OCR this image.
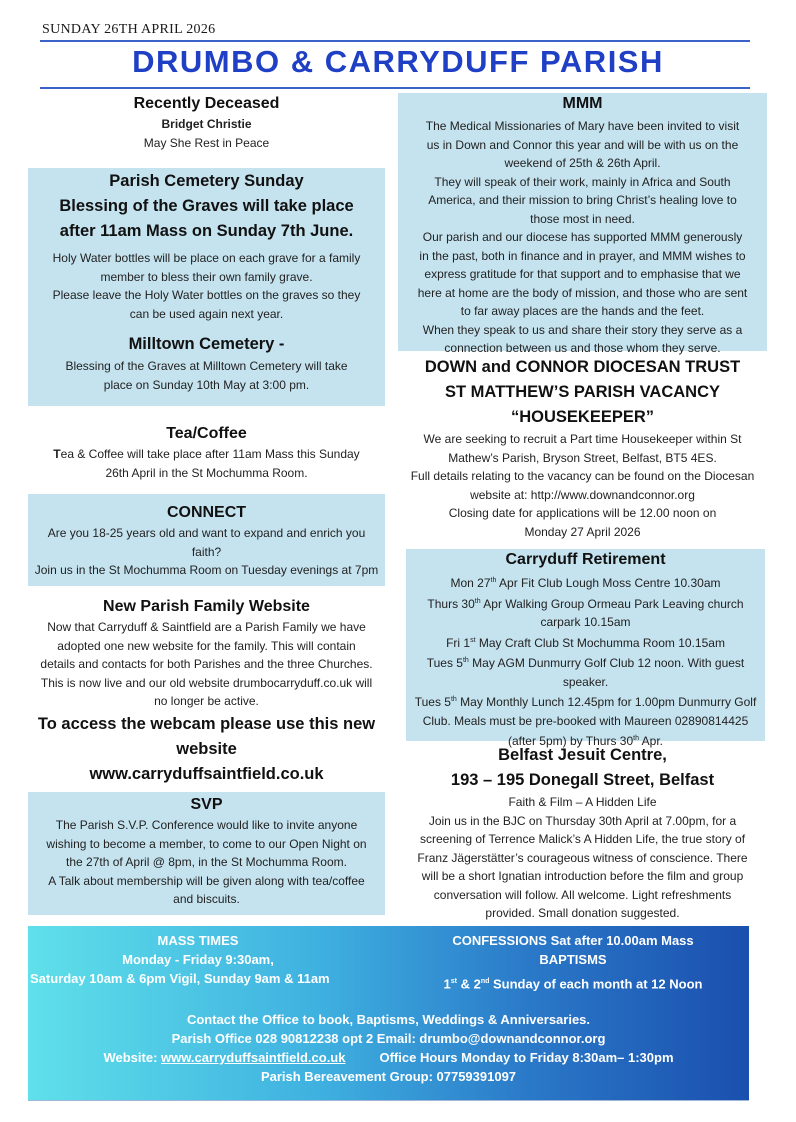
SUNDAY 26TH APRIL 2026
DRUMBO & CARRYDUFF PARISH
Recently Deceased
Bridget Christie
May She Rest in Peace
Parish Cemetery Sunday
Blessing of the Graves will take place
after 11am Mass on Sunday 7th June.
Holy Water bottles will be place on each grave for a family
member to bless their own family grave.
Please leave the Holy Water bottles on the graves so they
can be used again next year.
Milltown Cemetery -
Blessing of the Graves at Milltown Cemetery will take
place on Sunday 10th May at 3:00 pm.
Tea/Coffee
Tea & Coffee will take place after 11am Mass this Sunday
26th April in the St Mochumma Room.
CONNECT
Are you 18-25 years old and want to expand and enrich you
faith?
Join us in the St Mochumma Room on Tuesday evenings at 7pm
New Parish Family Website
Now that Carryduff & Saintfield are a Parish Family we have
adopted one new website for the family. This will contain
details and contacts for both Parishes and the three Churches.
This is now live and our old website drumbocarryduff.co.uk will
no longer be active.
To access the webcam please use this new
website
www.carryduffsaintfield.co.uk
SVP
The Parish S.V.P. Conference would like to invite anyone
wishing to become a member, to come to our Open Night on
the 27th of April @ 8pm, in the St Mochumma Room.
A Talk about membership will be given along with tea/coffee
and biscuits.
MMM
The Medical Missionaries of Mary have been invited to visit
us in Down and Connor this year and will be with us on the
weekend of 25th & 26th April.
They will speak of their work, mainly in Africa and South
America, and their mission to bring Christ’s healing love to
those most in need.
Our parish and our diocese has supported MMM generously
in the past, both in finance and in prayer, and MMM wishes to
express gratitude for that support and to emphasise that we
here at home are the body of mission, and those who are sent
to far away places are the hands and the feet.
When they speak to us and share their story they serve as a
connection between us and those whom they serve.
DOWN and CONNOR DIOCESAN TRUST
ST MATTHEW’S PARISH VACANCY
“HOUSEKEEPER”
We are seeking to recruit a Part time Housekeeper within St
Mathew’s Parish, Bryson Street, Belfast, BT5 4ES.
Full details relating to the vacancy can be found on the Diocesan
website at: http://www.downandconnor.org
Closing date for applications will be 12.00 noon on
Monday 27 April 2026
Carryduff Retirement
Mon 27th Apr Fit Club Lough Moss Centre 10.30am
Thurs 30th Apr Walking Group Ormeau Park Leaving church
carpark 10.15am
Fri 1st May Craft Club St Mochumma Room 10.15am
Tues 5th May AGM Dunmurry Golf Club 12 noon. With guest
speaker.
Tues 5th May Monthly Lunch 12.45pm for 1.00pm Dunmurry Golf
Club. Meals must be pre-booked with Maureen 02890814425
(after 5pm) by Thurs 30th Apr.
Belfast Jesuit Centre,
193 – 195 Donegall Street, Belfast
Faith & Film – A Hidden Life
Join us in the BJC on Thursday 30th April at 7.00pm, for a
screening of Terrence Malick’s A Hidden Life, the true story of
Franz Jägerstätter’s courageous witness of conscience. There
will be a short Ignatian introduction before the film and group
conversation will follow. All welcome. Light refreshments
provided. Small donation suggested.
MASS TIMES
Monday - Friday 9:30am,
Saturday 10am & 6pm Vigil, Sunday 9am & 11am
CONFESSIONS Sat after 10.00am Mass
BAPTISMS
1st & 2nd Sunday of each month at 12 Noon
Contact the Office to book, Baptisms, Weddings & Anniversaries.
Parish Office 028 90812238 opt 2 Email: drumbo@downandconnor.org
Website: www.carryduffsaintfield.co.uk	Office Hours Monday to Friday 8:30am– 1:30pm
Parish Bereavement Group: 07759391097
